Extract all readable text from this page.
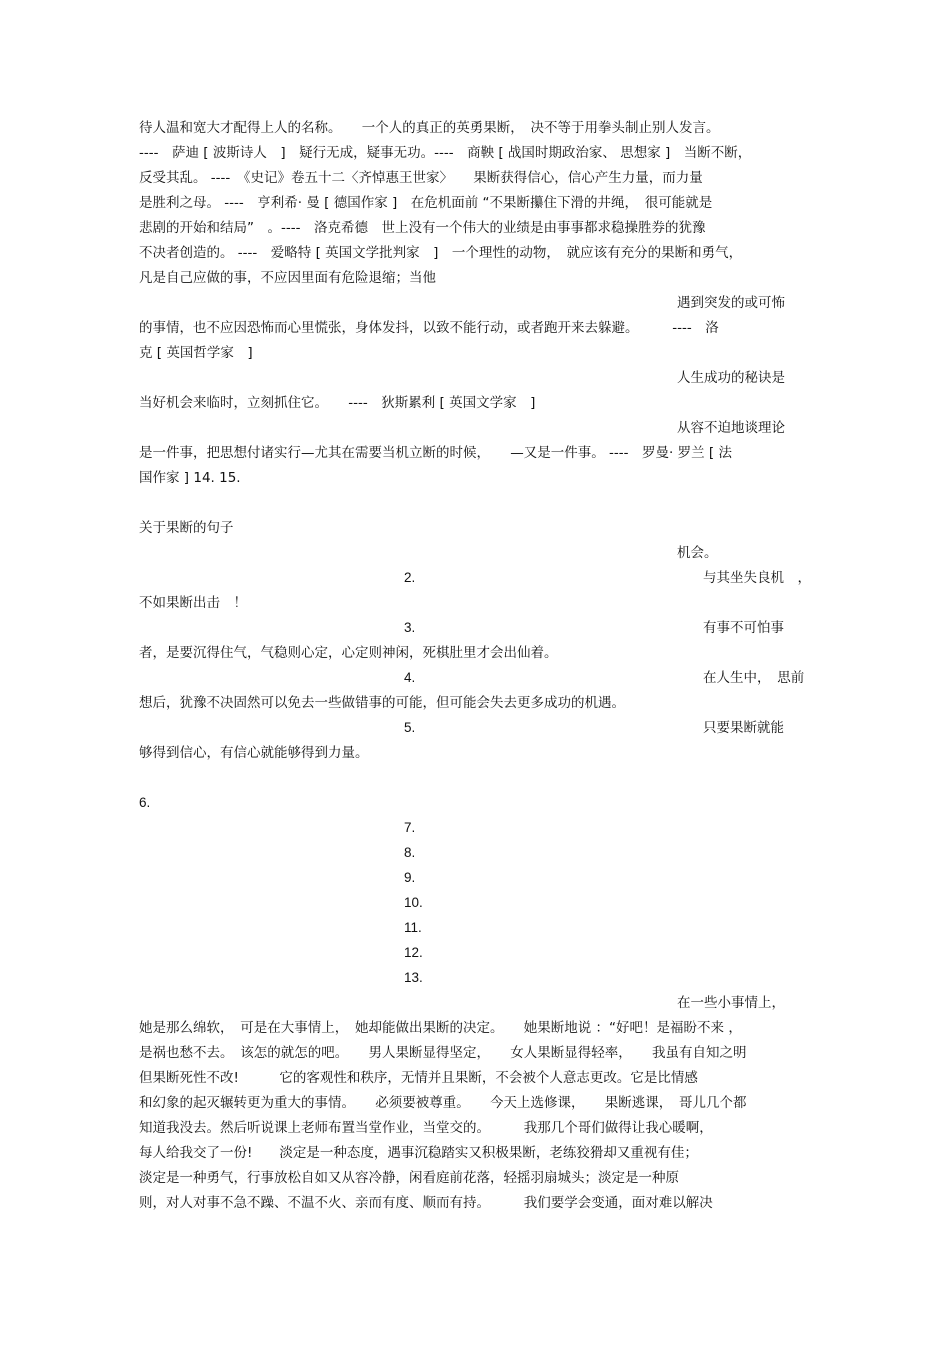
待人温和宽大才配得上人的名称。　　一个人的真正的英勇果断，　决不等于用拳头制止别人发言。
----　萨迪 [ 波斯诗人　]　疑行无成，疑事无功。----　商鞅 [ 战国时期政治家、 思想家 ]　当断不断，
反受其乱。 ----　《史记》卷五十二〈齐悼惠王世家〉　　果断获得信心，信心产生力量，而力量
是胜利之母。 ----　亨利希· 曼 [ 德国作家 ]　在危机面前 “不果断攥住下滑的井绳，　很可能就是
悲剧的开始和结局”　。----　洛克希德　世上没有一个伟大的业绩是由事事都求稳操胜券的犹豫
不决者创造的。 ----　爱略特 [ 英国文学批判家　]　一个理性的动物，　就应该有充分的果断和勇气，
凡是自己应做的事，不应因里面有危险退缩；当他
遇到突发的或可怖
的事情，也不应因恐怖而心里慌张，身体发抖，以致不能行动，或者跑开来去躲避。　　　----　洛
克 [ 英国哲学家　]
人生成功的秘诀是
当好机会来临时，立刻抓住它。　　----　狄斯累利 [ 英国文学家　]
从容不迫地谈理论
是一件事，把思想付诸实行—尤其在需要当机立断的时候，　　—又是一件事。 ----　罗曼· 罗兰 [ 法
国作家 ] 14. 15.
关于果断的句子
机会。
2.	与其坐失良机　，
不如果断出击　！
3.	有事不可怕事
者，是要沉得住气，气稳则心定，心定则神闲，死棋肚里才会出仙着。
4.	在人生中，　思前
想后，犹豫不决固然可以免去一些做错事的可能，但可能会失去更多成功的机遇。
5.	只要果断就能
够得到信心，有信心就能够得到力量。
6.
7.
8.
9.
10.
11.
12.
13.
在一些小事情上，
她是那么绵软，　可是在大事情上，　她却能做出果断的决定。　　她果断地说 ：“好吧！是福盼不来 ，
是祸也愁不去。　该怎的就怎的吧。　　男人果断显得坚定，　　女人果断显得轻率，　　我虽有自知之明
但果断死性不改!　　　它的客观性和秩序，无情并且果断，不会被个人意志更改。它是比情感
和幻象的起灭辗转更为重大的事情。　　必须要被尊重。　　今天上选修课，　　果断逃课，　哥儿几个都
知道我没去。然后听说课上老师布置当堂作业，当堂交的。　　　我那几个哥们做得让我心暖啊，
每人给我交了一份!　　淡定是一种态度，遇事沉稳踏实又积极果断，老练狡猾却又重视有佳；
淡定是一种勇气，行事放松自如又从容冷静，闲看庭前花落，轻摇羽扇城头；淡定是一种原
则，对人对事不急不躁、不温不火、亲而有度、顺而有持。　　　我们要学会变通，面对难以解决
